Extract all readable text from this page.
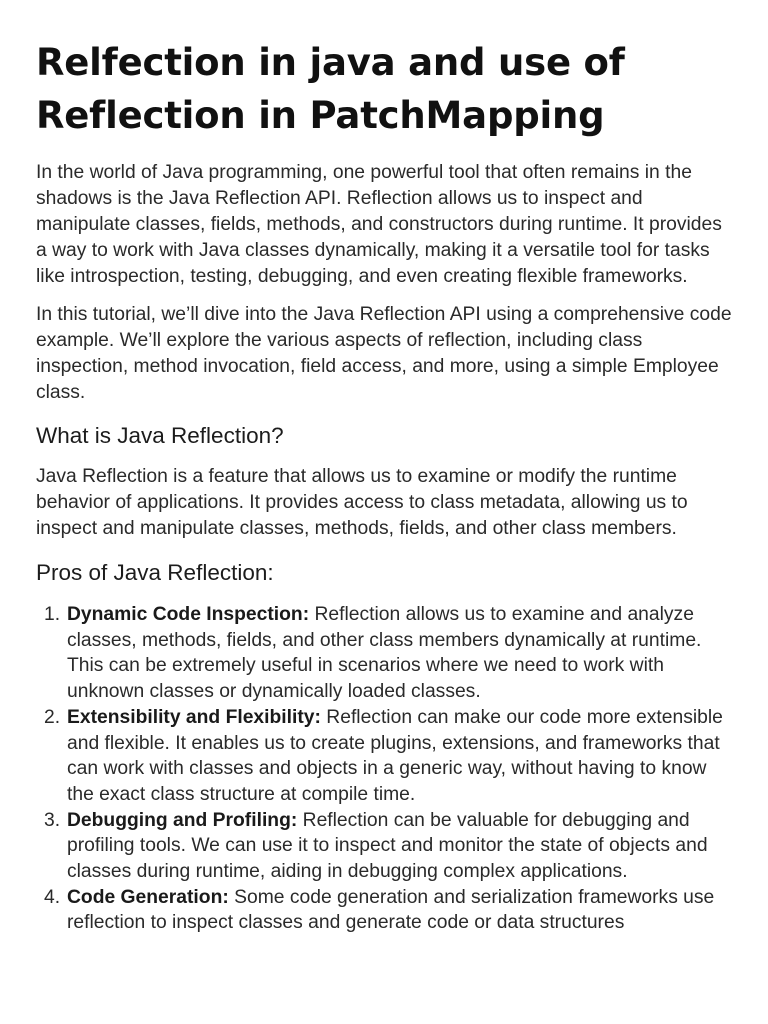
Relfection in java and use of Reflection in PatchMapping

In the world of Java programming, one powerful tool that often remains in the shadows is the Java Reflection API. Reflection allows us to inspect and manipulate classes, fields, methods, and constructors during runtime. It provides a way to work with Java classes dynamically, making it a versatile tool for tasks like introspection, testing, debugging, and even creating flexible frameworks.

In this tutorial, we’ll dive into the Java Reflection API using a comprehensive code example. We’ll explore the various aspects of reflection, including class inspection, method invocation, field access, and more, using a simple Employee class.

What is Java Reflection?

Java Reflection is a feature that allows us to examine or modify the runtime behavior of applications. It provides access to class metadata, allowing us to inspect and manipulate classes, methods, fields, and other class members.

Pros of Java Reflection:
1. Dynamic Code Inspection: Reflection allows us to examine and analyze classes, methods, fields, and other class members dynamically at runtime. This can be extremely useful in scenarios where we need to work with unknown classes or dynamically loaded classes.
2. Extensibility and Flexibility: Reflection can make our code more extensible and flexible. It enables us to create plugins, extensions, and frameworks that can work with classes and objects in a generic way, without having to know the exact class structure at compile time.
3. Debugging and Profiling: Reflection can be valuable for debugging and profiling tools. We can use it to inspect and monitor the state of objects and classes during runtime, aiding in debugging complex applications.
4. Code Generation: Some code generation and serialization frameworks use reflection to inspect classes and generate code or data structures
